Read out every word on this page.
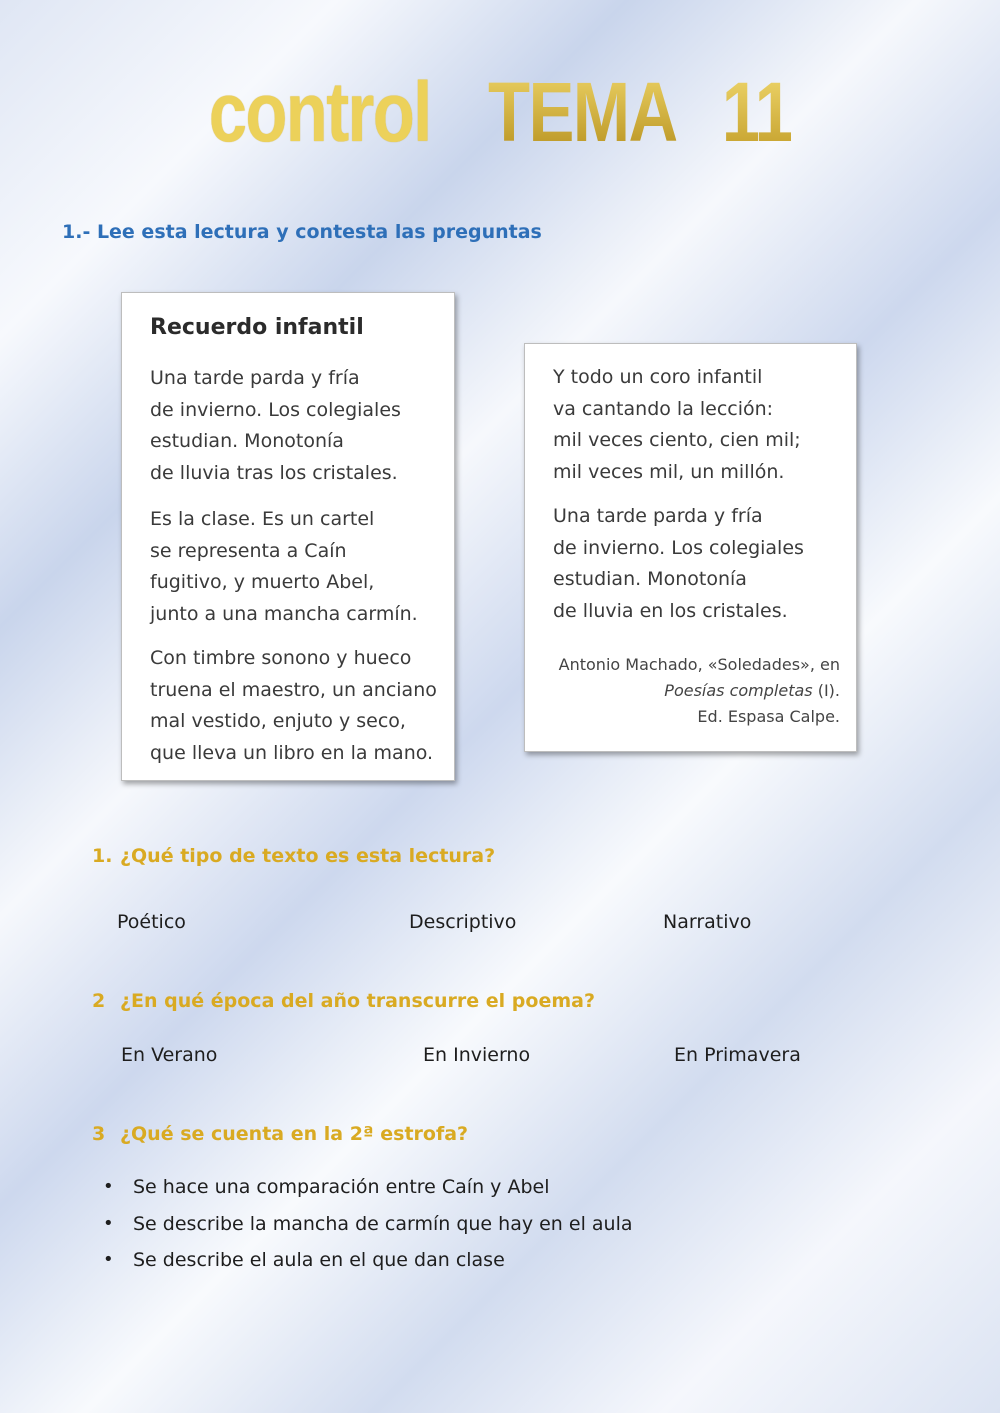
control TEMA 11
1.- Lee esta lectura y contesta las preguntas
Recuerdo infantil
Una tarde parda y fría
de invierno. Los colegiales
estudian. Monotonía
de lluvia tras los cristales.
Es la clase. Es un cartel
se representa a Caín
fugitivo, y muerto Abel,
junto a una mancha carmín.
Con timbre sonono y hueco
truena el maestro, un anciano
mal vestido, enjuto y seco,
que lleva un libro en la mano.
Y todo un coro infantil
va cantando la lección:
mil veces ciento, cien mil;
mil veces mil, un millón.
Una tarde parda y fría
de invierno. Los colegiales
estudian. Monotonía
de lluvia en los cristales.
Antonio Machado, «Soledades», en
Poesías completas (I).
Ed. Espasa Calpe.
1. ¿Qué tipo de texto es esta lectura?
Poético	Descriptivo	Narrativo
2 ¿En qué época del año transcurre el poema?
En Verano	En Invierno	En Primavera
3 ¿Qué se cuenta en la 2ª estrofa?
• Se hace una comparación entre Caín y Abel
• Se describe la mancha de carmín que hay en el aula
• Se describe el aula en el que dan clase
